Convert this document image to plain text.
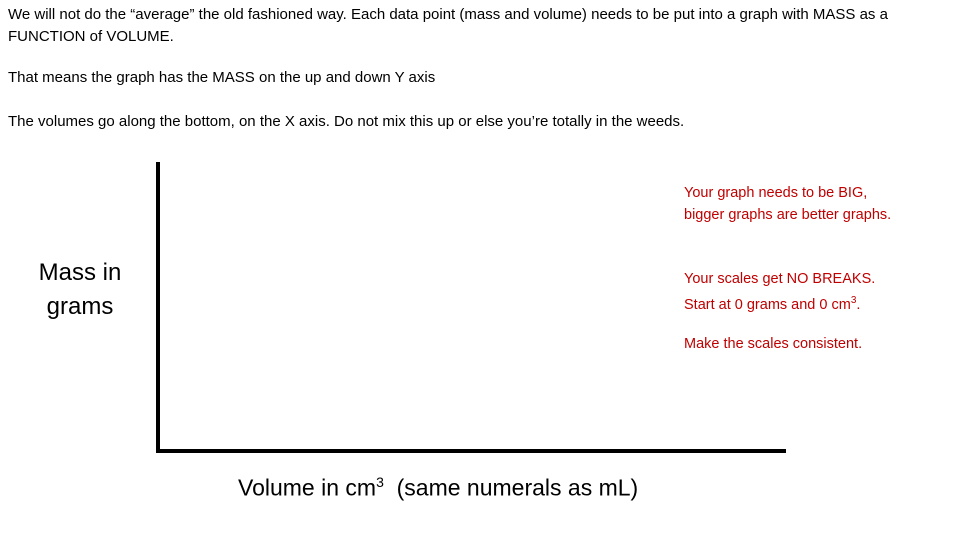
We will not do the “average” the old fashioned way. Each data point (mass and volume) needs to be put into a graph with MASS as a FUNCTION of VOLUME.

That means the graph has the MASS on the up and down Y axis

The volumes go along the bottom, on the X axis. Do not mix this up or else you’re totally in the weeds.

Mass in
grams
Volume in $cm^3$  (same numerals as mL)

Your graph needs to be BIG, bigger graphs are better graphs.

Your scales get NO BREAKS.
Start at 0 grams and 0 $cm^3$.

Make the scales consistent.
